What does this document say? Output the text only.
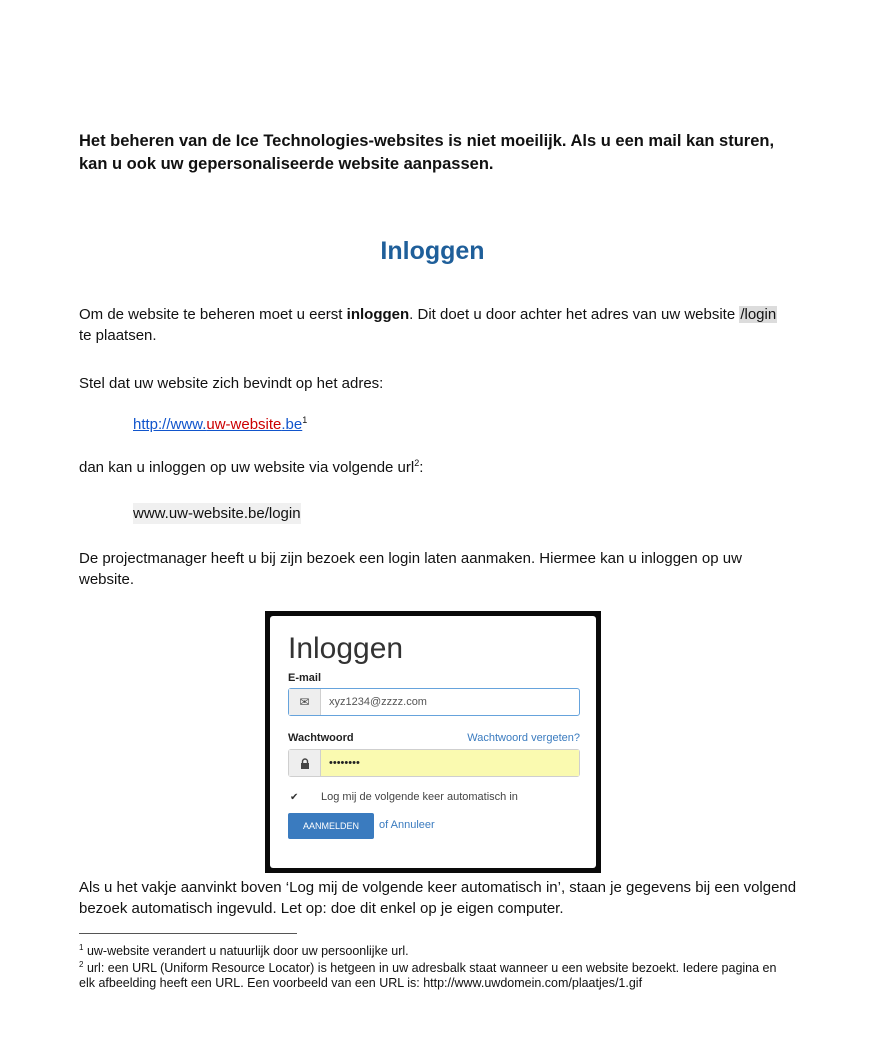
Het beheren van de Ice Technologies-websites is niet moeilijk. Als u een mail kan sturen, kan u ook uw gepersonaliseerde website aanpassen.
Inloggen
Om de website te beheren moet u eerst inloggen. Dit doet u door achter het adres van uw website /login te plaatsen.
Stel dat uw website zich bevindt op het adres:
$http://www.uw-website.be^1$
dan kan u inloggen op uw website via volgende url$^2$:
www.uw-website.be/login
De projectmanager heeft u bij zijn bezoek een login laten aanmaken. Hiermee kan u inloggen op uw website.
Inloggen
E-mail
✉	xyz1234@zzzz.com
Wachtwoord	Wachtwoord vergeten?
••••••••
✔ Log mij de volgende keer automatisch in
AANMELDEN	of Annuleer
Als u het vakje aanvinkt boven ‘Log mij de volgende keer automatisch in’, staan je gegevens bij een volgend bezoek automatisch ingevuld. Let op: doe dit enkel op je eigen computer.
$^1$ uw-website verandert u natuurlijk door uw persoonlijke url.
$^2$ url: een URL (Uniform Resource Locator) is hetgeen in uw adresbalk staat wanneer u een website bezoekt. Iedere pagina en elk afbeelding heeft een URL. Een voorbeeld van een URL is: http://www.uwdomein.com/plaatjes/1.gif
